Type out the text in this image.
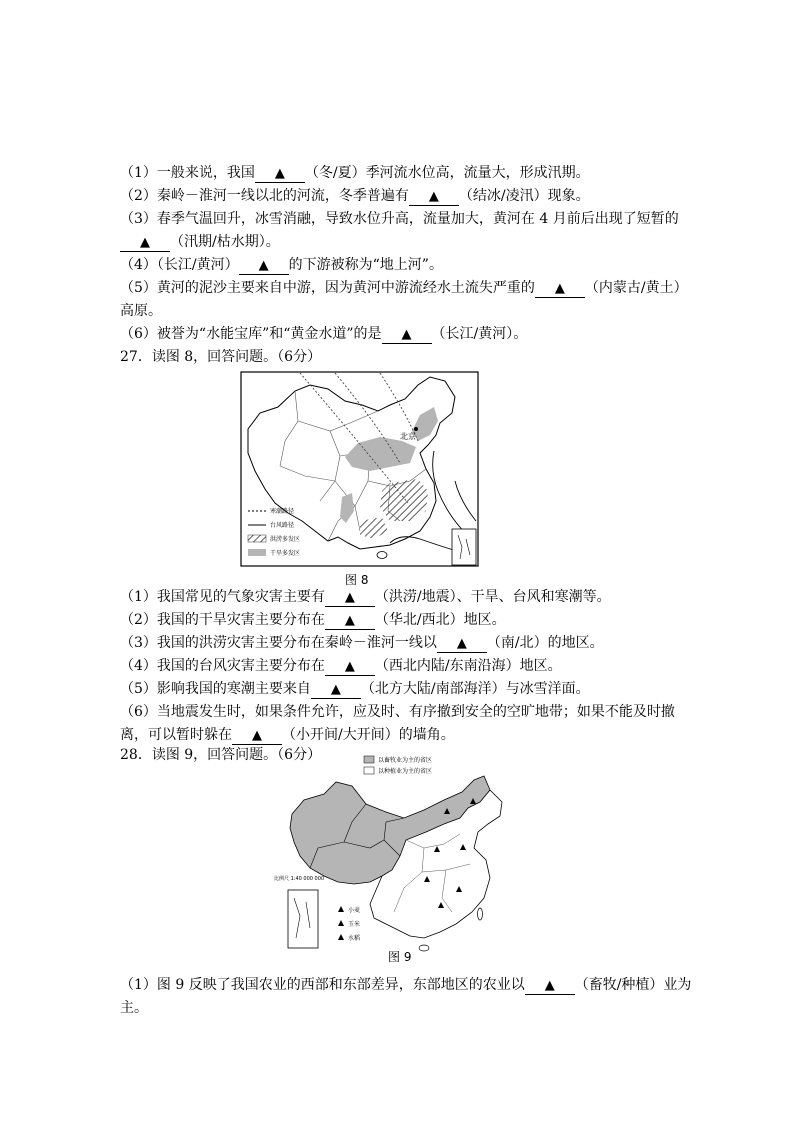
（1）一般来说，我国 ▲ （冬/夏）季河流水位高，流量大，形成汛期。
（2）秦岭－淮河一线以北的河流，冬季普遍有 ▲ （结冰/凌汛）现象。
（3）春季气温回升，冰雪消融，导致水位升高，流量加大，黄河在 4 月前后出现了短暂的
▲ （汛期/枯水期）。
（4）（长江/黄河） ▲ 的下游被称为“地上河”。
（5）黄河的泥沙主要来自中游，因为黄河中游流经水土流失严重的 ▲ （内蒙古/黄土）
高原。
（6）被誉为“水能宝库”和“黄金水道”的是 ▲ （长江/黄河）。
27．读图 8，回答问题。（6分）
北京
寒潮路径
台风路径
洪涝多发区
干旱多发区
图 8
（1）我国常见的气象灾害主要有 ▲ （洪涝/地震）、干旱、台风和寒潮等。
（2）我国的干旱灾害主要分布在 ▲ （华北/西北）地区。
（3）我国的洪涝灾害主要分布在秦岭－淮河一线以 ▲ （南/北）的地区。
（4）我国的台风灾害主要分布在 ▲ （西北内陆/东南沿海）地区。
（5）影响我国的寒潮主要来自 ▲ （北方大陆/南部海洋）与冰雪洋面。
（6）当地震发生时，如果条件允许，应及时、有序撤到安全的空旷地带；如果不能及时撤
离，可以暂时躲在 ▲ （小开间/大开间）的墙角。
28．读图 9，回答问题。（6分）	以畜牧业为主的省区
以种植业为主的省区
比例尺 1:40 000 000
小麦
玉米
水稻
图 9
（1）图 9 反映了我国农业的西部和东部差异，东部地区的农业以 ▲ （畜牧/种植）业为
主。
